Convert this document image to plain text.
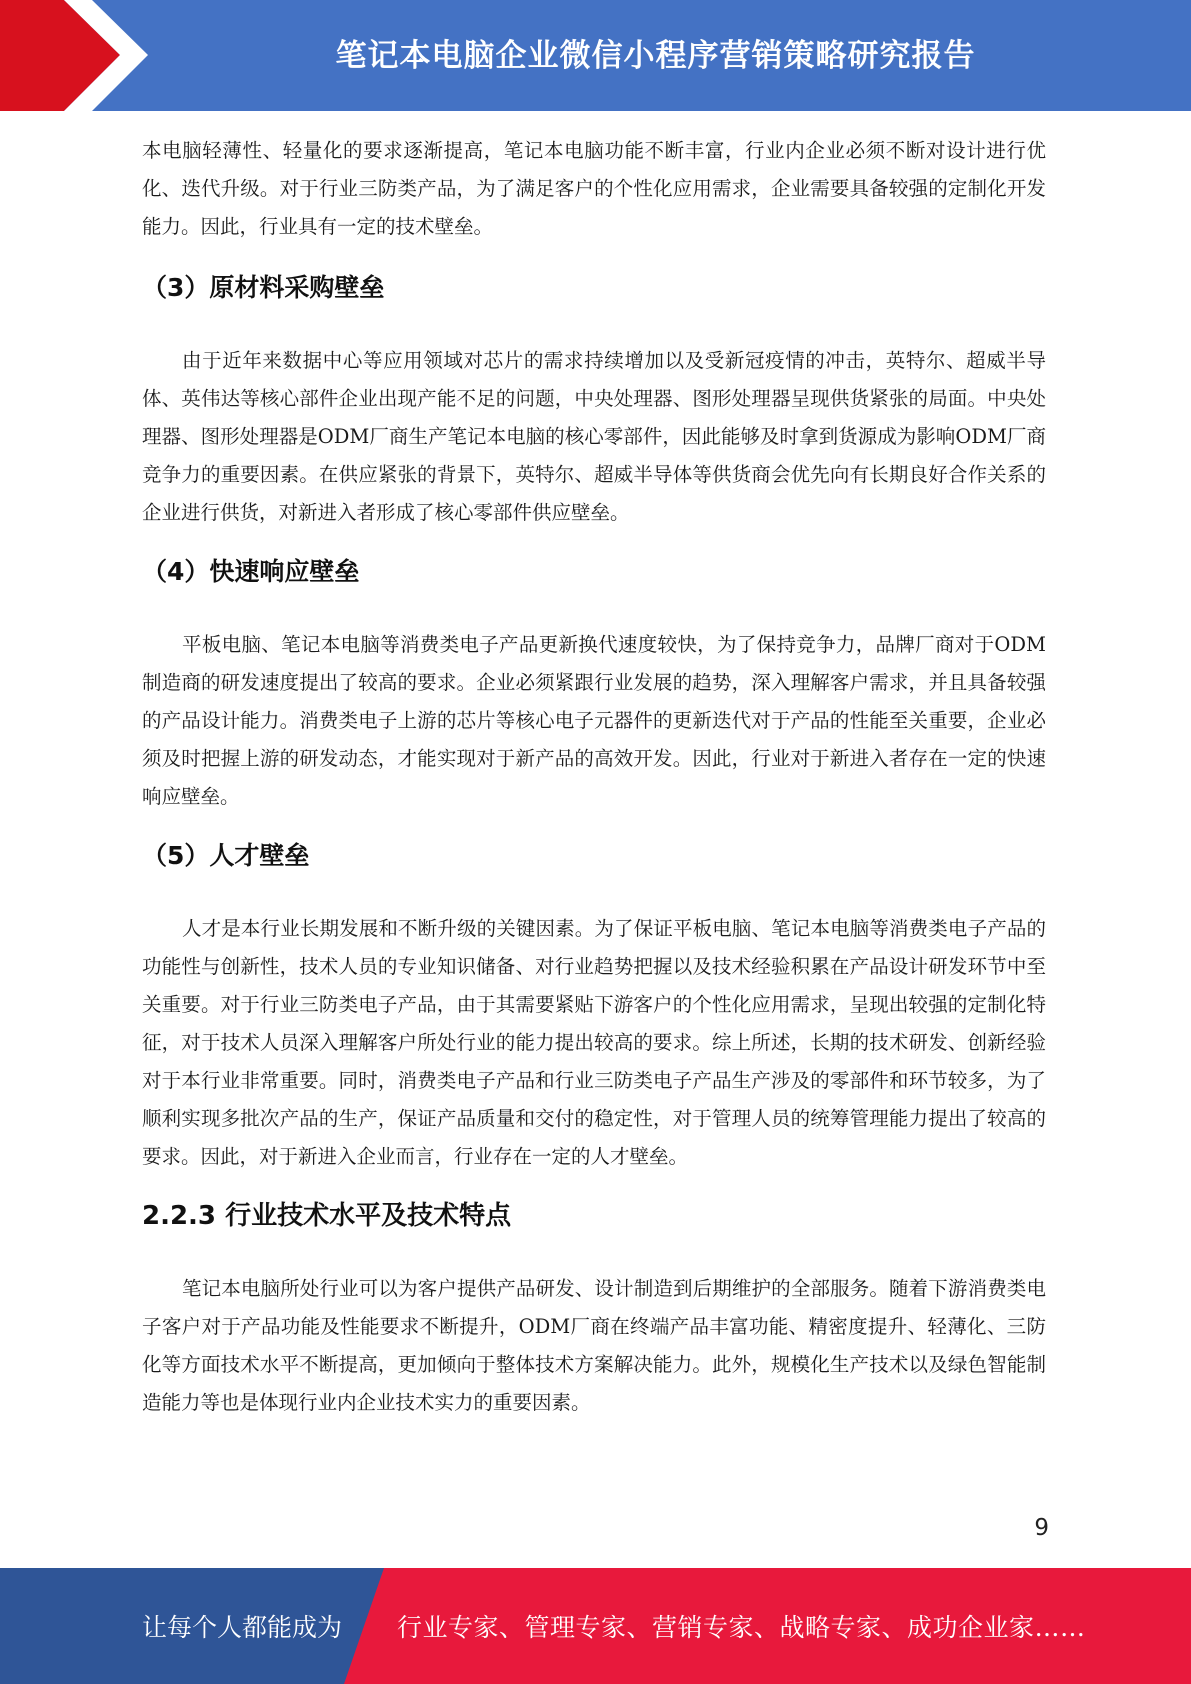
笔记本电脑企业微信小程序营销策略研究报告

本电脑轻薄性、轻量化的要求逐渐提高，笔记本电脑功能不断丰富，行业内企业必须不断对设计进行优化、迭代升级。对于行业三防类产品，为了满足客户的个性化应用需求，企业需要具备较强的定制化开发能力。因此，行业具有一定的技术壁垒。

（3）原材料采购壁垒

由于近年来数据中心等应用领域对芯片的需求持续增加以及受新冠疫情的冲击，英特尔、超威半导体、英伟达等核心部件企业出现产能不足的问题，中央处理器、图形处理器呈现供货紧张的局面。中央处理器、图形处理器是ODM厂商生产笔记本电脑的核心零部件，因此能够及时拿到货源成为影响ODM厂商竞争力的重要因素。在供应紧张的背景下，英特尔、超威半导体等供货商会优先向有长期良好合作关系的企业进行供货，对新进入者形成了核心零部件供应壁垒。

（4）快速响应壁垒

平板电脑、笔记本电脑等消费类电子产品更新换代速度较快，为了保持竞争力，品牌厂商对于ODM制造商的研发速度提出了较高的要求。企业必须紧跟行业发展的趋势，深入理解客户需求，并且具备较强的产品设计能力。消费类电子上游的芯片等核心电子元器件的更新迭代对于产品的性能至关重要，企业必须及时把握上游的研发动态，才能实现对于新产品的高效开发。因此，行业对于新进入者存在一定的快速响应壁垒。

（5）人才壁垒

人才是本行业长期发展和不断升级的关键因素。为了保证平板电脑、笔记本电脑等消费类电子产品的功能性与创新性，技术人员的专业知识储备、对行业趋势把握以及技术经验积累在产品设计研发环节中至关重要。对于行业三防类电子产品，由于其需要紧贴下游客户的个性化应用需求，呈现出较强的定制化特征，对于技术人员深入理解客户所处行业的能力提出较高的要求。综上所述，长期的技术研发、创新经验对于本行业非常重要。同时，消费类电子产品和行业三防类电子产品生产涉及的零部件和环节较多，为了顺利实现多批次产品的生产，保证产品质量和交付的稳定性，对于管理人员的统筹管理能力提出了较高的要求。因此，对于新进入企业而言，行业存在一定的人才壁垒。

2.2.3 行业技术水平及技术特点

笔记本电脑所处行业可以为客户提供产品研发、设计制造到后期维护的全部服务。随着下游消费类电子客户对于产品功能及性能要求不断提升，ODM厂商在终端产品丰富功能、精密度提升、轻薄化、三防化等方面技术水平不断提高，更加倾向于整体技术方案解决能力。此外，规模化生产技术以及绿色智能制造能力等也是体现行业内企业技术实力的重要因素。

9
让每个人都能成为 行业专家、管理专家、营销专家、战略专家、成功企业家……
